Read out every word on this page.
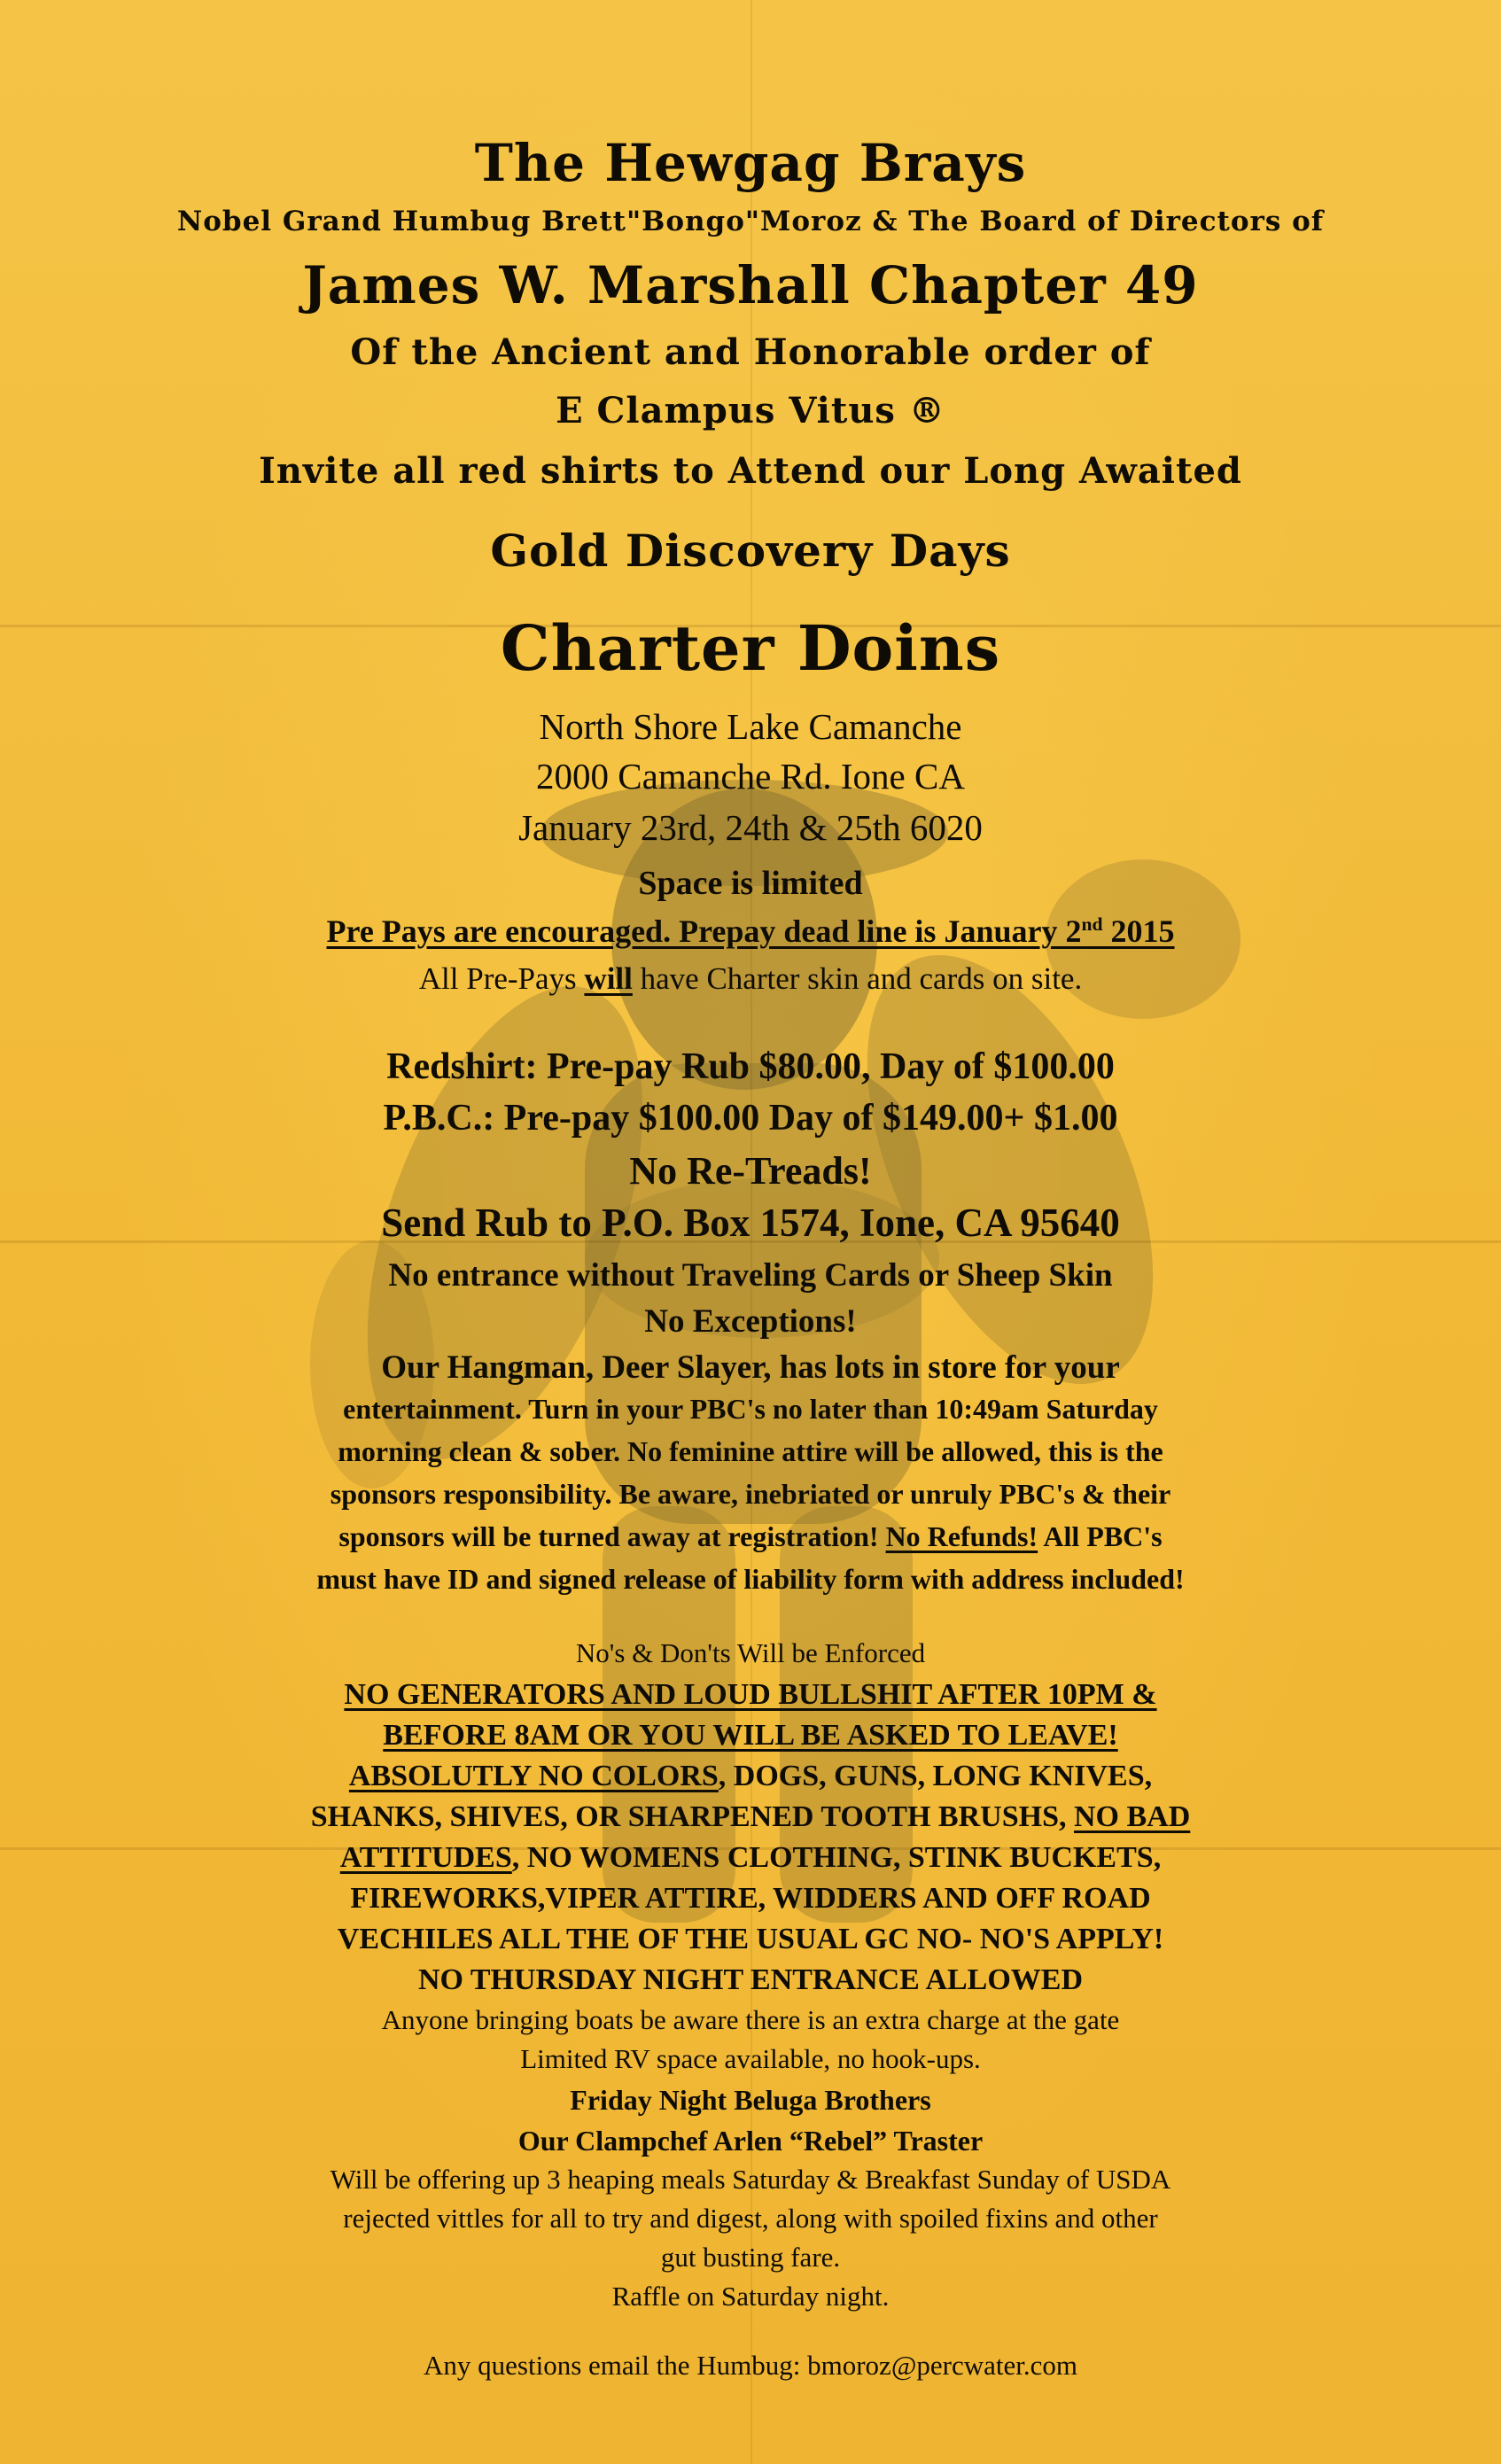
The Hewgag Brays
Nobel Grand Humbug Brett"Bongo"Moroz & The Board of Directors of
James W. Marshall Chapter 49
Of the Ancient and Honorable order of
E Clampus Vitus ®
Invite all red shirts to Attend our Long Awaited
Gold Discovery Days
Charter Doins
North Shore Lake Camanche
2000 Camanche Rd. Ione CA
January 23rd, 24th & 25th 6020
Space is limited
Pre Pays are encouraged. Prepay dead line is January 2nd 2015
All Pre-Pays will have Charter skin and cards on site.
Redshirt: Pre-pay Rub $80.00, Day of $100.00
P.B.C.: Pre-pay $100.00 Day of $149.00+ $1.00
No Re-Treads!
Send Rub to P.O. Box 1574, Ione, CA 95640
No entrance without Traveling Cards or Sheep Skin
No Exceptions!
Our Hangman, Deer Slayer, has lots in store for your
entertainment. Turn in your PBC's no later than 10:49am Saturday
morning clean & sober. No feminine attire will be allowed, this is the
sponsors responsibility. Be aware, inebriated or unruly PBC's & their
sponsors will be turned away at registration! No Refunds! All PBC's
must have ID and signed release of liability form with address included!
No's & Don'ts Will be Enforced
NO GENERATORS AND LOUD BULLSHIT AFTER 10PM &
BEFORE 8AM OR YOU WILL BE ASKED TO LEAVE!
ABSOLUTLY NO COLORS, DOGS, GUNS, LONG KNIVES,
SHANKS, SHIVES, OR SHARPENED TOOTH BRUSHS, NO BAD
ATTITUDES, NO WOMENS CLOTHING, STINK BUCKETS,
FIREWORKS,VIPER ATTIRE, WIDDERS AND OFF ROAD
VECHILES ALL THE OF THE USUAL GC NO- NO'S APPLY!
NO THURSDAY NIGHT ENTRANCE ALLOWED
Anyone bringing boats be aware there is an extra charge at the gate
Limited RV space available, no hook-ups.
Friday Night Beluga Brothers
Our Clampchef Arlen “Rebel” Traster
Will be offering up 3 heaping meals Saturday & Breakfast Sunday of USDA
rejected vittles for all to try and digest, along with spoiled fixins and other
gut busting fare.
Raffle on Saturday night.
Any questions email the Humbug: bmoroz@percwater.com
